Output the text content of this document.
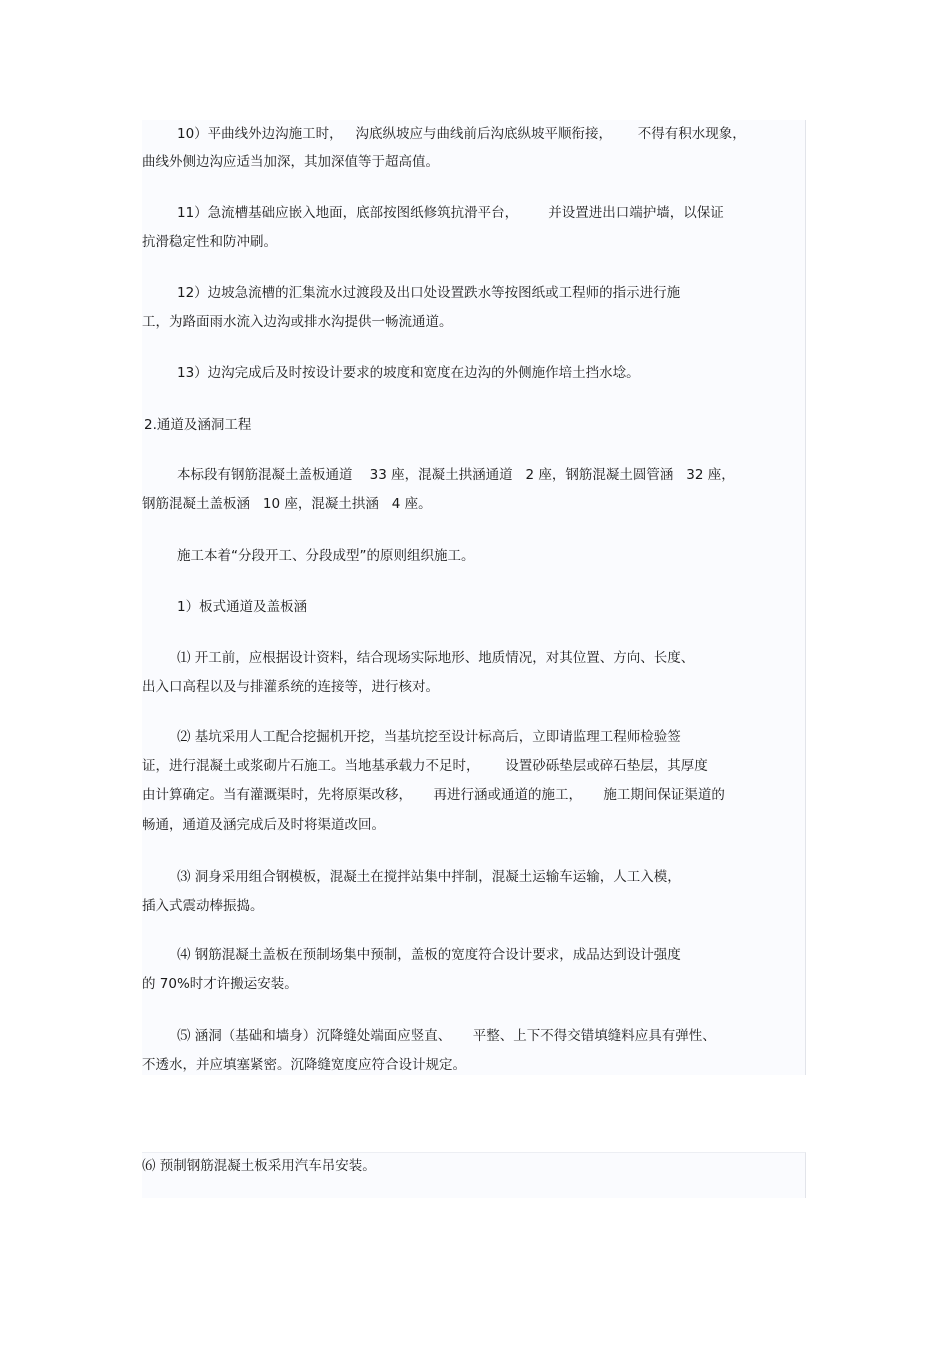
10）平曲线外边沟施工时，   沟底纵坡应与曲线前后沟底纵坡平顺衔接，      不得有积水现象，
曲线外侧边沟应适当加深，其加深值等于超高值。
11）急流槽基础应嵌入地面，底部按图纸修筑抗滑平台，       并设置进出口端护墙，以保证
抗滑稳定性和防冲刷。
12）边坡急流槽的汇集流水过渡段及出口处设置跌水等按图纸或工程师的指示进行施
工，为路面雨水流入边沟或排水沟提供一畅流通道。
13）边沟完成后及时按设计要求的坡度和宽度在边沟的外侧施作培土挡水埝。
2.通道及涵洞工程
本标段有钢筋混凝土盖板通道    33 座，混凝土拱涵通道   2 座，钢筋混凝土圆管涵   32 座，
钢筋混凝土盖板涵   10 座，混凝土拱涵   4 座。
施工本着“分段开工、分段成型”的原则组织施工。
1）板式通道及盖板涵
⑴ 开工前，应根据设计资料，结合现场实际地形、地质情况，对其位置、方向、长度、
出入口高程以及与排灌系统的连接等，进行核对。
⑵ 基坑采用人工配合挖掘机开挖，当基坑挖至设计标高后，立即请监理工程师检验签
证，进行混凝土或浆砌片石施工。当地基承载力不足时，      设置砂砾垫层或碎石垫层，其厚度
由计算确定。当有灌溉渠时，先将原渠改移，     再进行涵或通道的施工，     施工期间保证渠道的
畅通，通道及涵完成后及时将渠道改回。
⑶ 洞身采用组合钢模板，混凝土在搅拌站集中拌制，混凝土运输车运输，人工入模，
插入式震动棒振捣。
⑷ 钢筋混凝土盖板在预制场集中预制，盖板的宽度符合设计要求，成品达到设计强度
的 70%时才许搬运安装。
⑸ 涵洞（基础和墙身）沉降缝处端面应竖直、     平整、上下不得交错填缝料应具有弹性、
不透水，并应填塞紧密。沉降缝宽度应符合设计规定。
⑹ 预制钢筋混凝土板采用汽车吊安装。
